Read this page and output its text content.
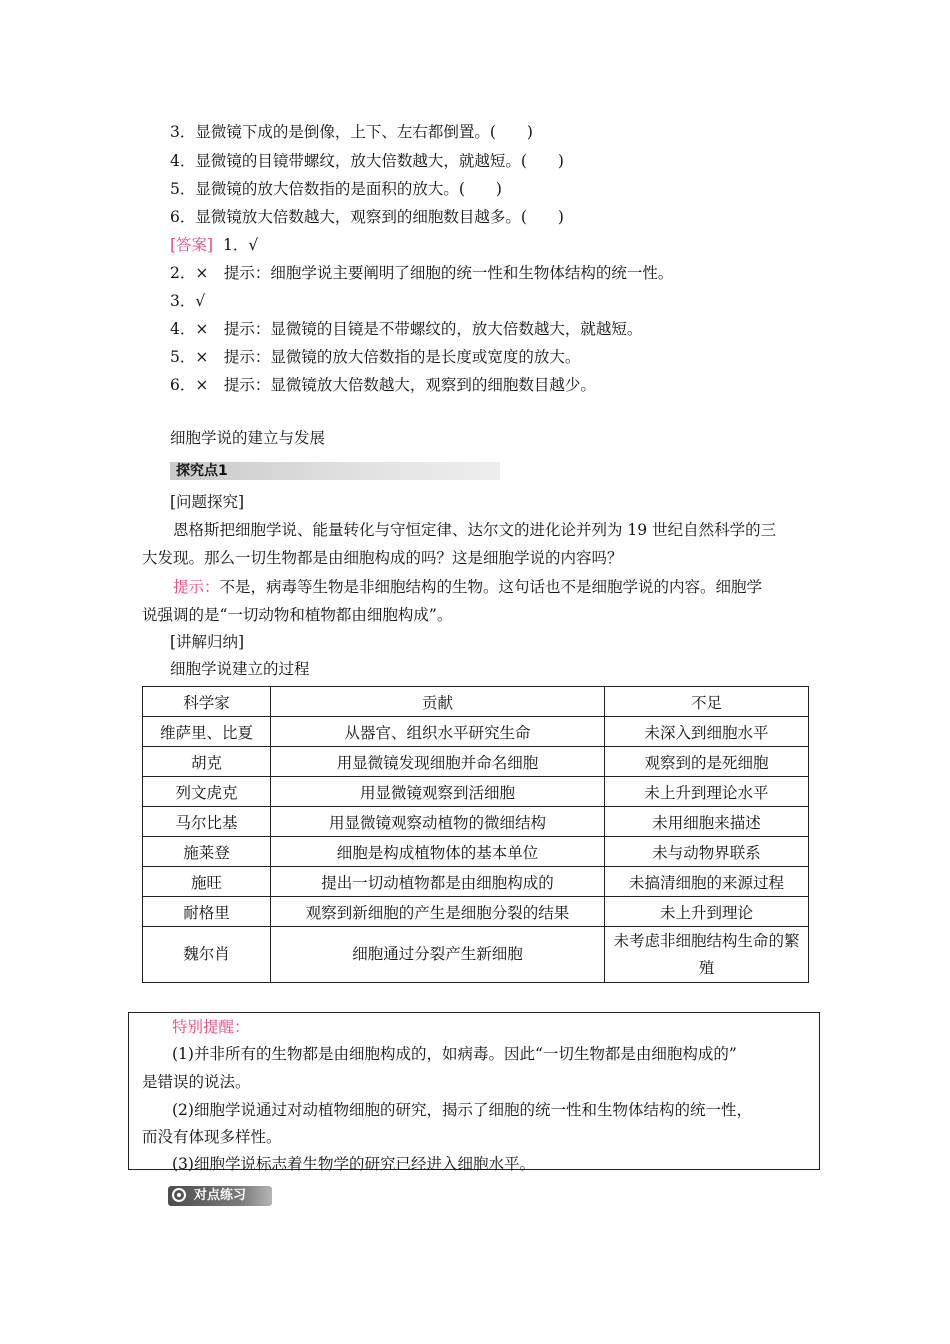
3．显微镜下成的是倒像，上下、左右都倒置。(　　)
4．显微镜的目镜带螺纹，放大倍数越大，就越短。(　　)
5．显微镜的放大倍数指的是面积的放大。(　　)
6．显微镜放大倍数越大，观察到的细胞数目越多。(　　)
[答案] 1．√
2．×　提示：细胞学说主要阐明了细胞的统一性和生物体结构的统一性。
3．√
4．×　提示：显微镜的目镜是不带螺纹的，放大倍数越大，就越短。
5．×　提示：显微镜的放大倍数指的是长度或宽度的放大。
6．×　提示：显微镜放大倍数越大，观察到的细胞数目越少。
细胞学说的建立与发展
探究点1
[问题探究]
恩格斯把细胞学说、能量转化与守恒定律、达尔文的进化论并列为 19 世纪自然科学的三
大发现。那么一切生物都是由细胞构成的吗？这是细胞学说的内容吗？
提示：不是，病毒等生物是非细胞结构的生物。这句话也不是细胞学说的内容。细胞学
说强调的是“一切动物和植物都由细胞构成”。
[讲解归纳]
细胞学说建立的过程
科学家	贡献	不足
维萨里、比夏	从器官、组织水平研究生命	未深入到细胞水平
胡克	用显微镜发现细胞并命名细胞	观察到的是死细胞
列文虎克	用显微镜观察到活细胞	未上升到理论水平
马尔比基	用显微镜观察动植物的微细结构	未用细胞来描述
施莱登	细胞是构成植物体的基本单位	未与动物界联系
施旺	提出一切动植物都是由细胞构成的	未搞清细胞的来源过程
耐格里	观察到新细胞的产生是细胞分裂的结果	未上升到理论
魏尔肖	细胞通过分裂产生新细胞	未考虑非细胞结构生命的繁殖
特别提醒：
(1)并非所有的生物都是由细胞构成的，如病毒。因此“一切生物都是由细胞构成的”
是错误的说法。
(2)细胞学说通过对动植物细胞的研究，揭示了细胞的统一性和生物体结构的统一性，
而没有体现多样性。
(3)细胞学说标志着生物学的研究已经进入细胞水平。
对点练习
